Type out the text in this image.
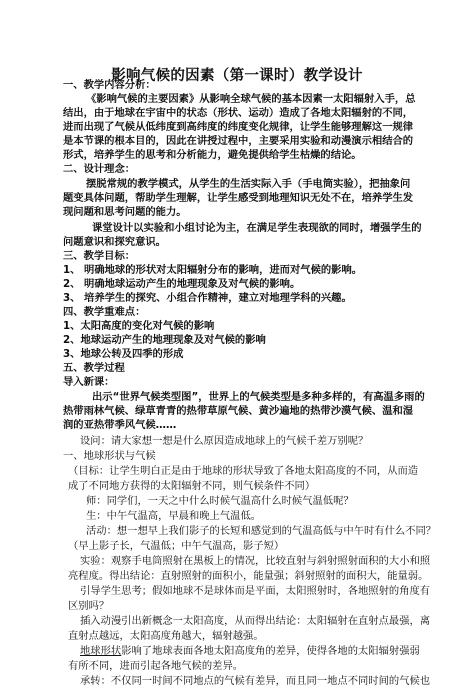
影响气候的因素（第一课时）教学设计
一、教学内容分析：
《影响气候的主要因素》从影响全球气候的基本因素一太阳辐射入手，总
结出，由于地球在宇宙中的状态（形状、运动）造成了各地太阳辐射的不同，
进而出现了气候从低纬度到高纬度的纬度变化规律，让学生能够理解这一规律
是本节课的根本目的，因此在讲授过程中，主要采用实验和动漫演示相结合的
形式，培养学生的思考和分析能力，避免提供给学生枯燥的结论。
二、设计理念：
摆脱常规的教学模式，从学生的生活实际入手（手电筒实验），把抽象问
题变具体问题，帮助学生理解，让学生感受到地理知识无处不在，培养学生发
现问题和思考问题的能力。
课堂设计以实验和小组讨论为主，在满足学生表现欲的同时，增强学生的
问题意识和探究意识。
三、教学目标：
1、 明确地球的形状对太阳辐射分布的影响，进而对气候的影响。
2、 明确地球运动产生的地理现象及对气候的影响。
3、 培养学生的探究、小组合作精神，建立对地理学科的兴趣。
四、教学重难点：
1、太阳高度的变化对气候的影响
2、地球运动产生的地理现象及对气候的影响
3、地球公转及四季的形成
五、教学过程
导入新课：
出示“世界气候类型图”，世界上的气候类型是多种多样的，有高温多雨的
热带雨林气候、绿草青青的热带草原气候、黄沙遍地的热带沙漠气候、温和湿
润的亚热带季风气候……
设问：请大家想一想是什么原因造成地球上的气候千差万别呢？
一、地球形状与气候
（目标：让学生明白正是由于地球的形状导致了各地太阳高度的不同，从而造
成了不同地方获得的太阳辐射不同，则气候条件不同）
师：同学们，一天之中什么时候气温高什么时候气温低呢？
生：中午气温高，早晨和晚上气温低。
活动：想一想早上我们影子的长短和感觉到的气温高低与中午时有什么不同？
（早上影子长，气温低；中午气温高，影子短）
实验：观察手电筒照射在黑板上的情况，比较直射与斜射照射面积的大小和照
亮程度。得出结论：直射照射的面积小，能量强；斜射照射的面积大，能量弱。
引导学生思考；假如地球不是球体而是平面，太阳照射时，各地照射的角度有
区别吗？
插入动漫引出新概念一太阳高度，从而得出结论：太阳辐射在直射点最强，离
直射点越远，太阳高度角越大，辐射越强。
地球形状影响了地球表面各地太阳高度角的差异，使得各地的太阳辐射强弱
有所不同，进而引起各地气候的差异。
承转：不仅同一时间不同地点的气候有差异，而且同一地点不同时间的气候也
